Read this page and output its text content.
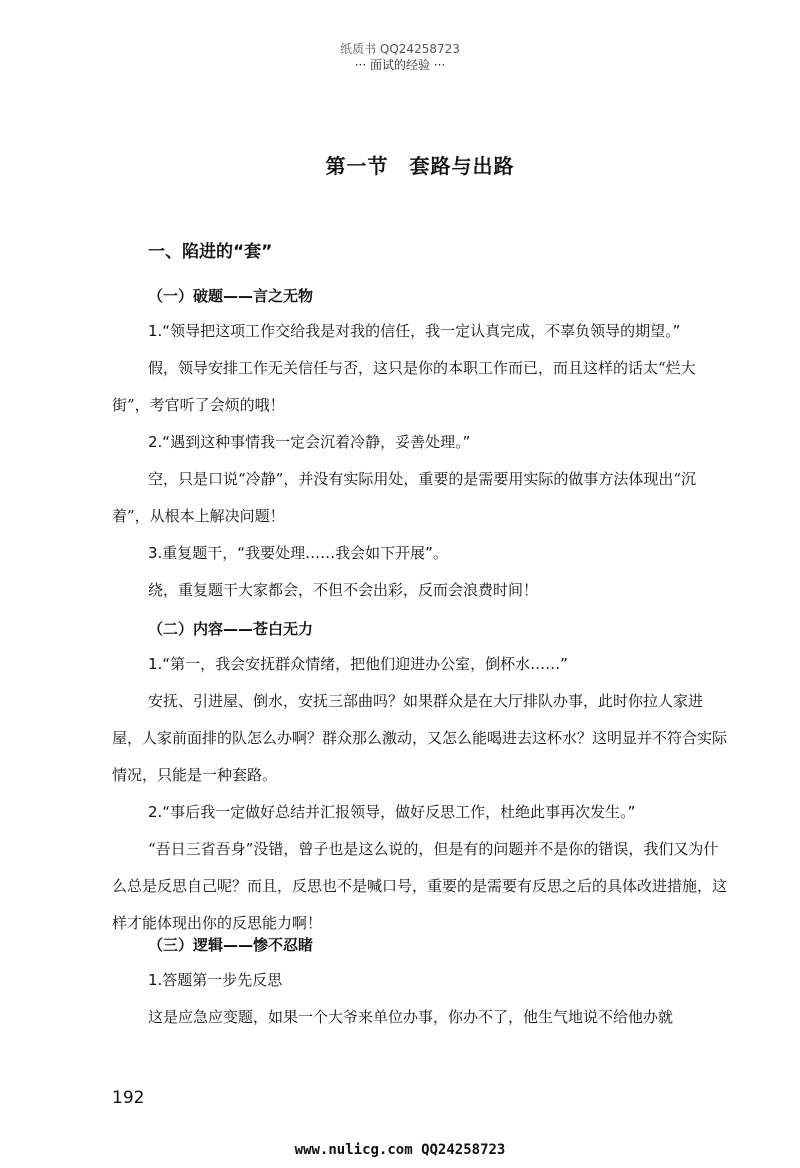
纸质书 QQ24258723
··· 面试的经验 ···
第一节　套路与出路
一、陷进的“套”
（一）破题——言之无物
1.“领导把这项工作交给我是对我的信任，我一定认真完成，不辜负领导的期望。”
假，领导安排工作无关信任与否，这只是你的本职工作而已，而且这样的话太“烂大街”，考官听了会烦的哦！
2.“遇到这种事情我一定会沉着冷静，妥善处理。”
空，只是口说“冷静”，并没有实际用处，重要的是需要用实际的做事方法体现出“沉着”，从根本上解决问题！
3.重复题干，“我要处理……我会如下开展”。
绕，重复题干大家都会，不但不会出彩，反而会浪费时间！
（二）内容——苍白无力
1.“第一，我会安抚群众情绪，把他们迎进办公室，倒杯水……”
安抚、引进屋、倒水，安抚三部曲吗？如果群众是在大厅排队办事，此时你拉人家进屋，人家前面排的队怎么办啊？群众那么激动，又怎么能喝进去这杯水？这明显并不符合实际情况，只能是一种套路。
2.“事后我一定做好总结并汇报领导，做好反思工作，杜绝此事再次发生。”
“吾日三省吾身”没错，曾子也是这么说的，但是有的问题并不是你的错误，我们又为什么总是反思自己呢？而且，反思也不是喊口号，重要的是需要有反思之后的具体改进措施，这样才能体现出你的反思能力啊！
（三）逻辑——惨不忍睹
1.答题第一步先反思
这是应急应变题，如果一个大爷来单位办事，你办不了，他生气地说不给他办就
192
www.nulicg.com QQ24258723
